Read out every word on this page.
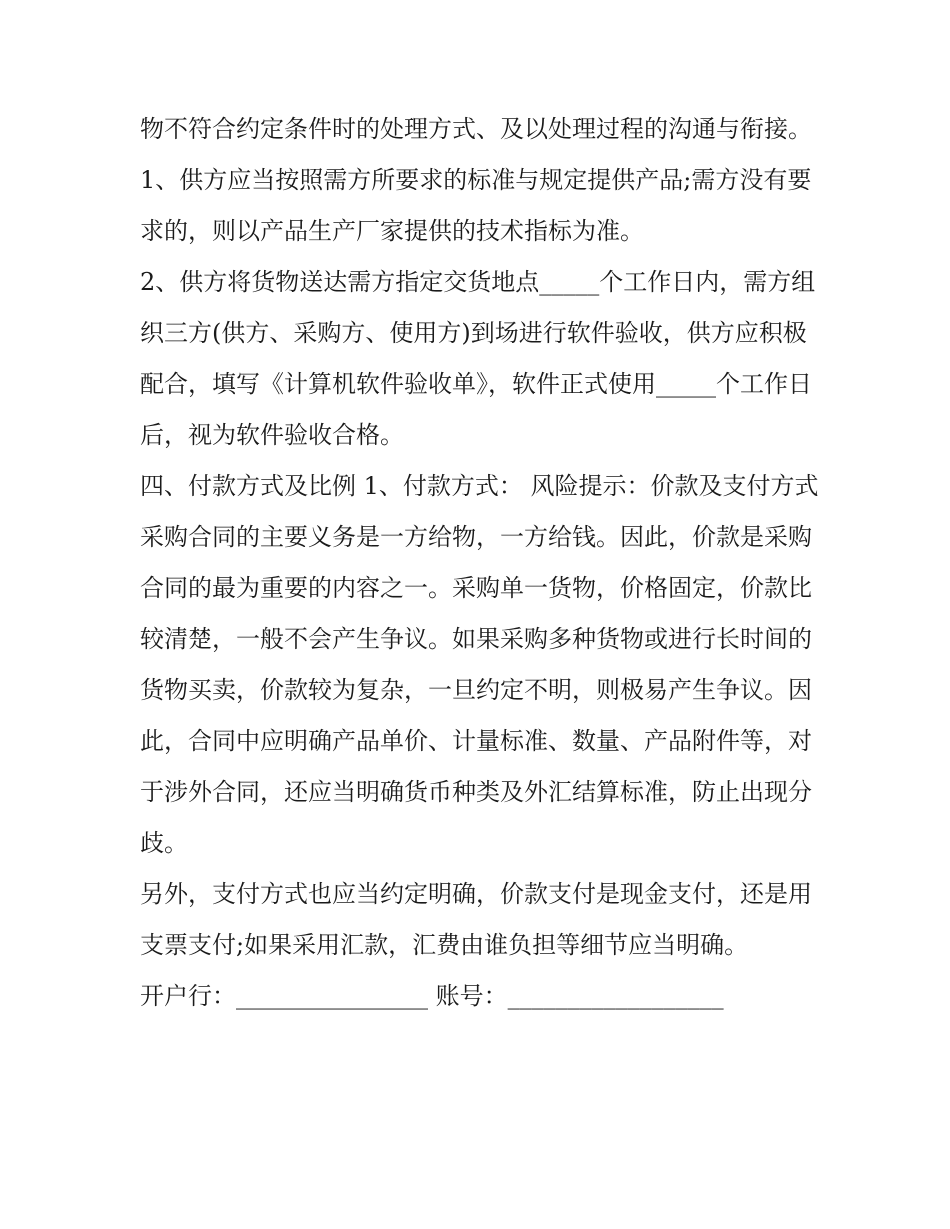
物不符合约定条件时的处理方式、及以处理过程的沟通与衔接。

1、供方应当按照需方所要求的标准与规定提供产品;需方没有要求的，则以产品生产厂家提供的技术指标为准。

2、供方将货物送达需方指定交货地点_____个工作日内，需方组织三方(供方、采购方、使用方)到场进行软件验收，供方应积极配合，填写《计算机软件验收单》，软件正式使用_____个工作日后，视为软件验收合格。

四、付款方式及比例 1、付款方式： 风险提示：价款及支付方式

采购合同的主要义务是一方给物，一方给钱。因此，价款是采购合同的最为重要的内容之一。采购单一货物，价格固定，价款比较清楚，一般不会产生争议。如果采购多种货物或进行长时间的货物买卖，价款较为复杂，一旦约定不明，则极易产生争议。因此，合同中应明确产品单价、计量标准、数量、产品附件等，对于涉外合同，还应当明确货币种类及外汇结算标准，防止出现分歧。

另外，支付方式也应当约定明确，价款支付是现金支付，还是用支票支付;如果采用汇款，汇费由谁负担等细节应当明确。

开户行：________________ 账号：__________________
